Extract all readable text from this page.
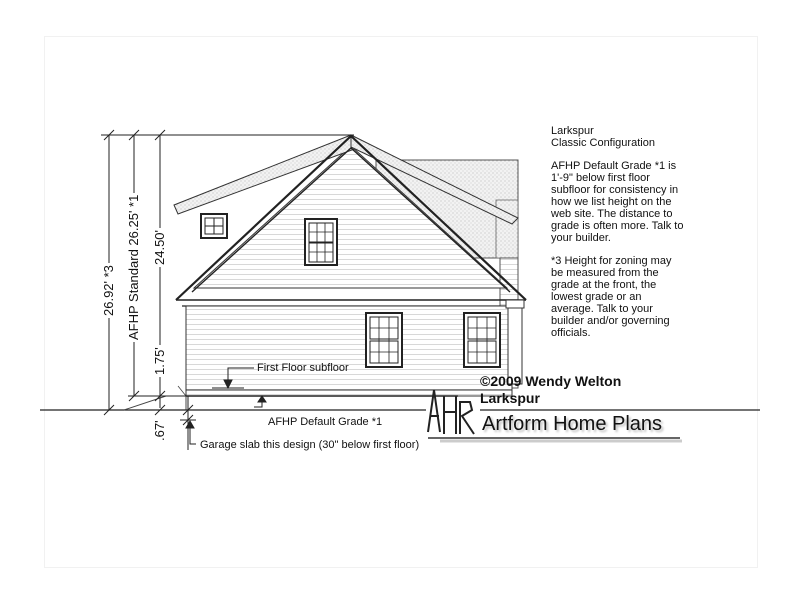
26.92' *3 AFHP Standard 26.25' *1 24.50'
1.75'
.67'
First Floor subfloor
AFHP Default Grade *1
Garage slab this design (30" below first floor)

Larkspur
Classic Configuration

AFHP Default Grade *1 is 1'-9" below first floor subfloor for consistency in how we list height on the web site. The distance to grade is often more. Talk to your builder.

*3 Height for zoning may be measured from the grade at the front, the lowest grade or an average. Talk to your builder and/or governing officials.

©2009 Wendy Welton
Larkspur
Artform Home Plans
